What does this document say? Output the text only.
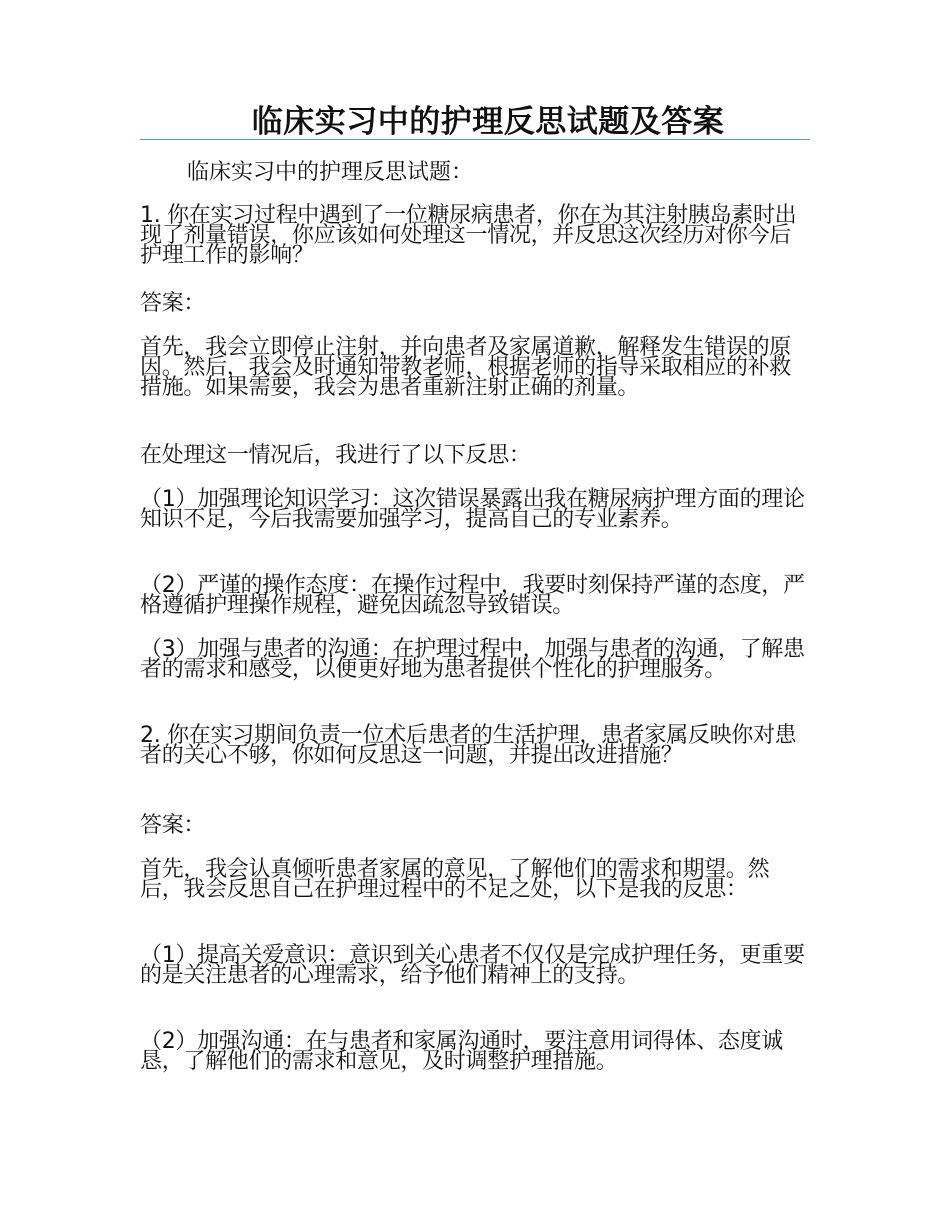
临床实习中的护理反思试题及答案

临床实习中的护理反思试题：

1. 你在实习过程中遇到了一位糖尿病患者，你在为其注射胰岛素时出现了剂量错误，你应该如何处理这一情况，并反思这次经历对你今后护理工作的影响？

答案：

首先，我会立即停止注射，并向患者及家属道歉，解释发生错误的原因。然后，我会及时通知带教老师，根据老师的指导采取相应的补救措施。如果需要，我会为患者重新注射正确的剂量。

在处理这一情况后，我进行了以下反思：

（1）加强理论知识学习：这次错误暴露出我在糖尿病护理方面的理论知识不足，今后我需要加强学习，提高自己的专业素养。

（2）严谨的操作态度：在操作过程中，我要时刻保持严谨的态度，严格遵循护理操作规程，避免因疏忽导致错误。

（3）加强与患者的沟通：在护理过程中，加强与患者的沟通，了解患者的需求和感受，以便更好地为患者提供个性化的护理服务。

2. 你在实习期间负责一位术后患者的生活护理，患者家属反映你对患者的关心不够，你如何反思这一问题，并提出改进措施？

答案：

首先，我会认真倾听患者家属的意见，了解他们的需求和期望。然后，我会反思自己在护理过程中的不足之处，以下是我的反思：

（1）提高关爱意识：意识到关心患者不仅仅是完成护理任务，更重要的是关注患者的心理需求，给予他们精神上的支持。

（2）加强沟通：在与患者和家属沟通时，要注意用词得体、态度诚恳，了解他们的需求和意见，及时调整护理措施。
